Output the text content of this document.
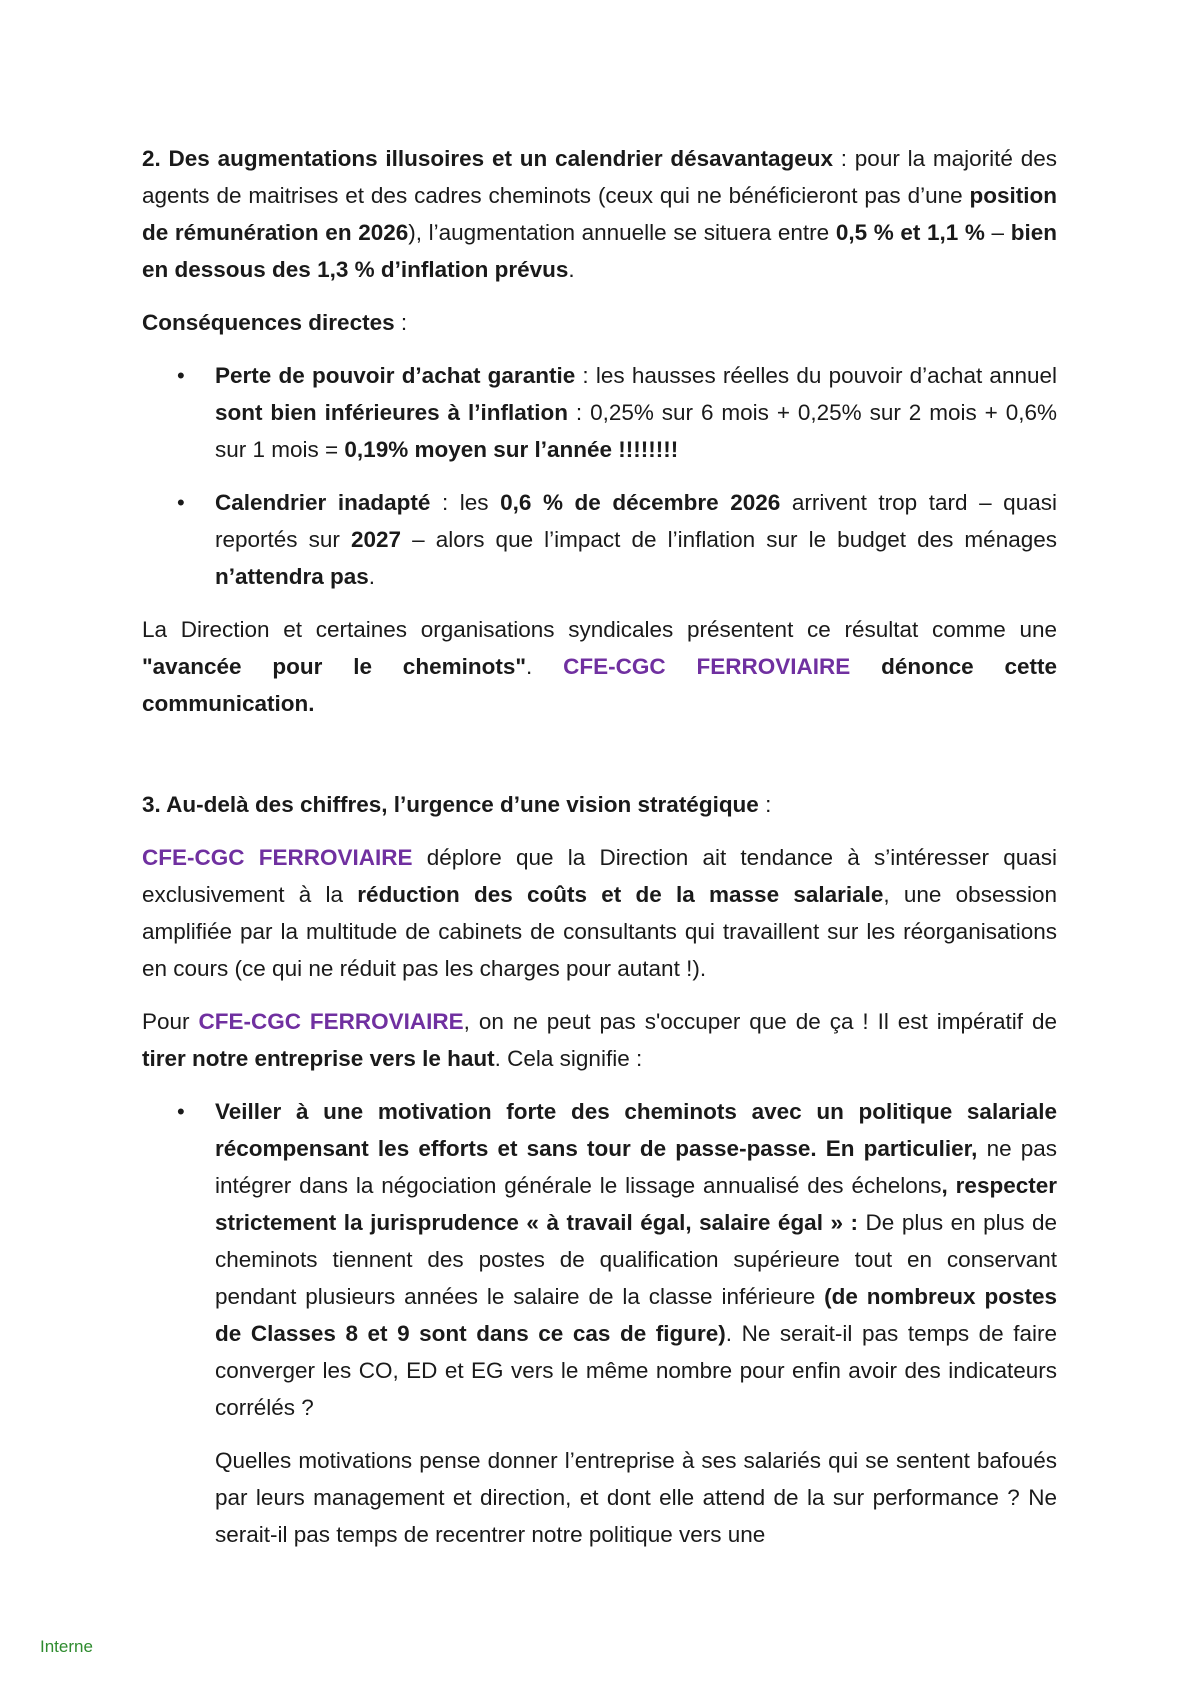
2. Des augmentations illusoires et un calendrier désavantageux : pour la majorité des agents de maitrises et des cadres cheminots (ceux qui ne bénéficieront pas d’une position de rémunération en 2026), l’augmentation annuelle se situera entre 0,5 % et 1,1 % – bien en dessous des 1,3 % d’inflation prévus.

Conséquences directes :

• Perte de pouvoir d’achat garantie : les hausses réelles du pouvoir d’achat annuel sont bien inférieures à l’inflation : 0,25% sur 6 mois + 0,25% sur 2 mois + 0,6% sur 1 mois = 0,19% moyen sur l’année !!!!!!!!
• Calendrier inadapté : les 0,6 % de décembre 2026 arrivent trop tard – quasi reportés sur 2027 – alors que l’impact de l’inflation sur le budget des ménages n’attendra pas.

La Direction et certaines organisations syndicales présentent ce résultat comme une "avancée pour le cheminots". CFE-CGC FERROVIAIRE dénonce cette communication.

3. Au-delà des chiffres, l’urgence d’une vision stratégique :

CFE-CGC FERROVIAIRE déplore que la Direction ait tendance à s’intéresser quasi exclusivement à la réduction des coûts et de la masse salariale, une obsession amplifiée par la multitude de cabinets de consultants qui travaillent sur les réorganisations en cours (ce qui ne réduit pas les charges pour autant !).

Pour CFE-CGC FERROVIAIRE, on ne peut pas s'occuper que de ça ! Il est impératif de tirer notre entreprise vers le haut. Cela signifie :

• Veiller à une motivation forte des cheminots avec un politique salariale récompensant les efforts et sans tour de passe-passe. En particulier, ne pas intégrer dans la négociation générale le lissage annualisé des échelons, respecter strictement la jurisprudence « à travail égal, salaire égal » : De plus en plus de cheminots tiennent des postes de qualification supérieure tout en conservant pendant plusieurs années le salaire de la classe inférieure (de nombreux postes de Classes 8 et 9 sont dans ce cas de figure). Ne serait-il pas temps de faire converger les CO, ED et EG vers le même nombre pour enfin avoir des indicateurs corrélés ?

Quelles motivations pense donner l’entreprise à ses salariés qui se sentent bafoués par leurs management et direction, et dont elle attend de la sur performance ? Ne serait-il pas temps de recentrer notre politique vers une

Interne
